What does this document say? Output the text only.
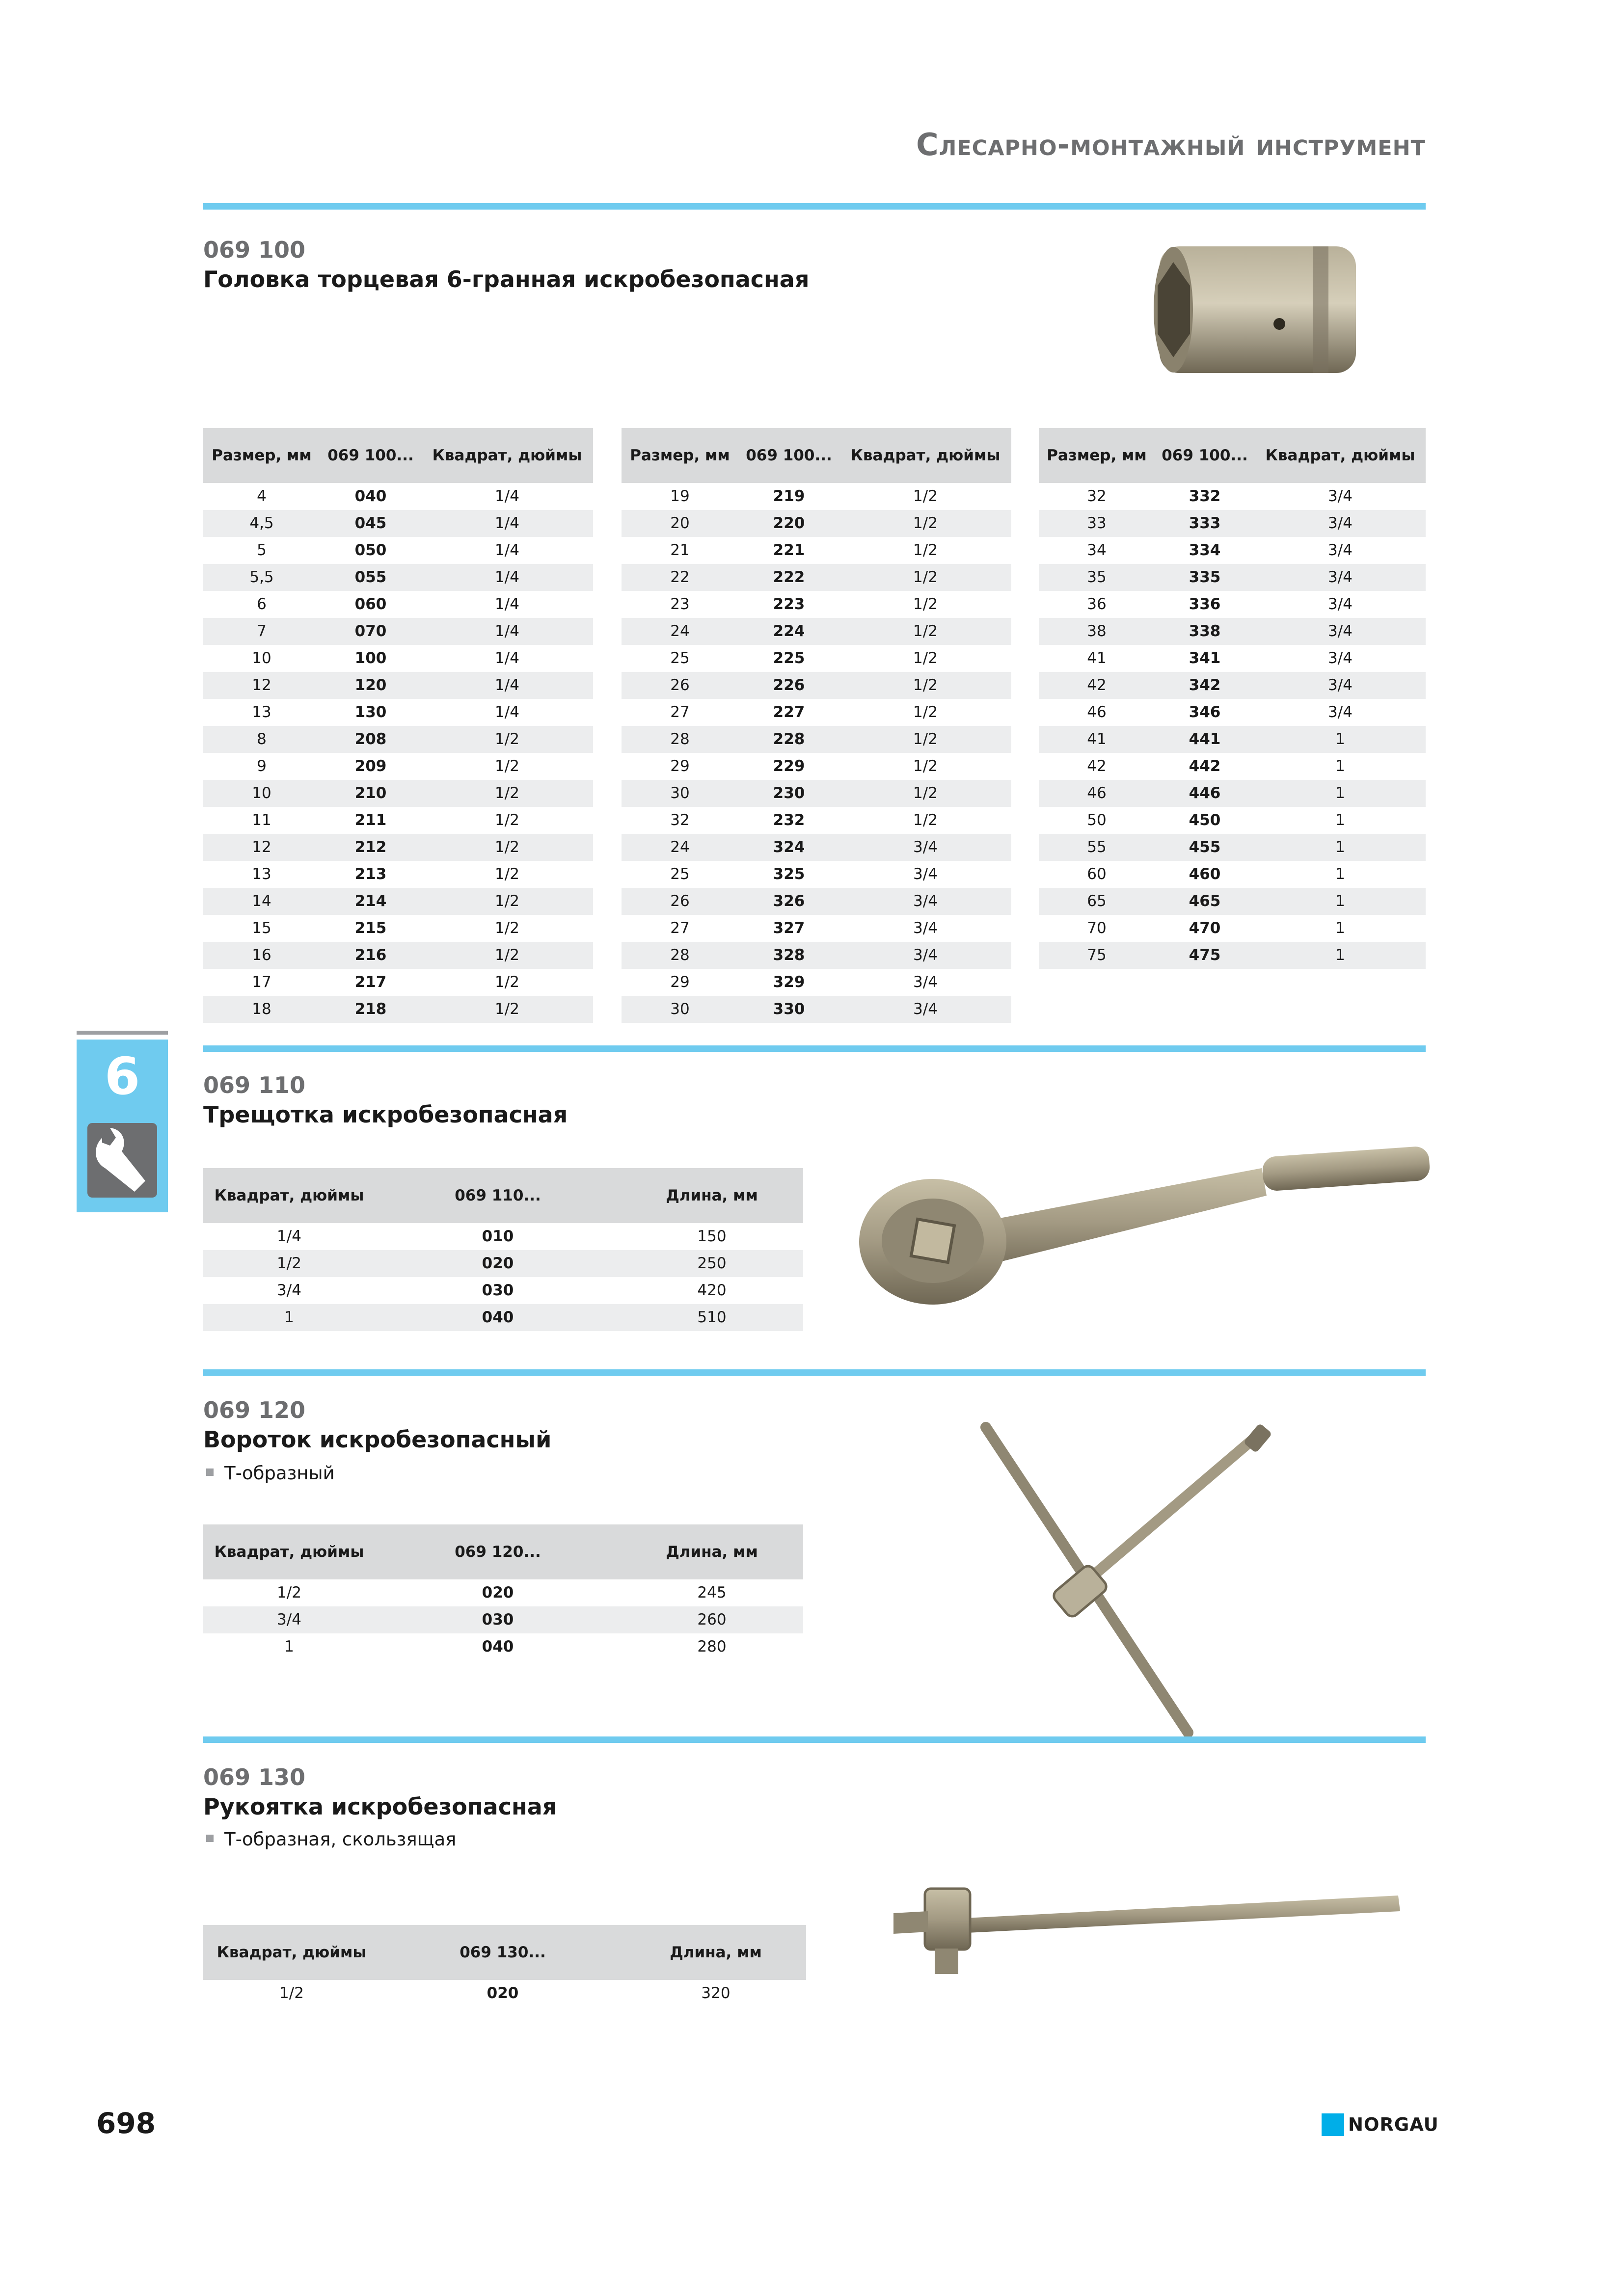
Слесарно-монтажный инструмент
069 100
Головка торцевая 6-гранная искробезопасная
Размер, мм	069 100...	Квадрат, дюймы
4	040	1/4
4,5	045	1/4
5	050	1/4
5,5	055	1/4
6	060	1/4
7	070	1/4
10	100	1/4
12	120	1/4
13	130	1/4
8	208	1/2
9	209	1/2
10	210	1/2
11	211	1/2
12	212	1/2
13	213	1/2
14	214	1/2
15	215	1/2
16	216	1/2
17	217	1/2
18	218	1/2
Размер, мм	069 100...	Квадрат, дюймы
19	219	1/2
20	220	1/2
21	221	1/2
22	222	1/2
23	223	1/2
24	224	1/2
25	225	1/2
26	226	1/2
27	227	1/2
28	228	1/2
29	229	1/2
30	230	1/2
32	232	1/2
24	324	3/4
25	325	3/4
26	326	3/4
27	327	3/4
28	328	3/4
29	329	3/4
30	330	3/4
Размер, мм	069 100...	Квадрат, дюймы
32	332	3/4
33	333	3/4
34	334	3/4
35	335	3/4
36	336	3/4
38	338	3/4
41	341	3/4
42	342	3/4
46	346	3/4
41	441	1
42	442	1
46	446	1
50	450	1
55	455	1
60	460	1
65	465	1
70	470	1
75	475	1
6	069 110
Трещотка искробезопасная
Квадрат, дюймы	069 110...	Длина, мм
1/4	010	150
1/2	020	250
3/4	030	420
1	040	510
069 120
Вороток искробезопасный
Т-образный
Квадрат, дюймы	069 120...	Длина, мм
1/2	020	245
3/4	030	260
1	040	280
069 130
Рукоятка искробезопасная
Т-образная, скользящая
Квадрат, дюймы	069 130...	Длина, мм
1/2	020	320
698	NORGAU
